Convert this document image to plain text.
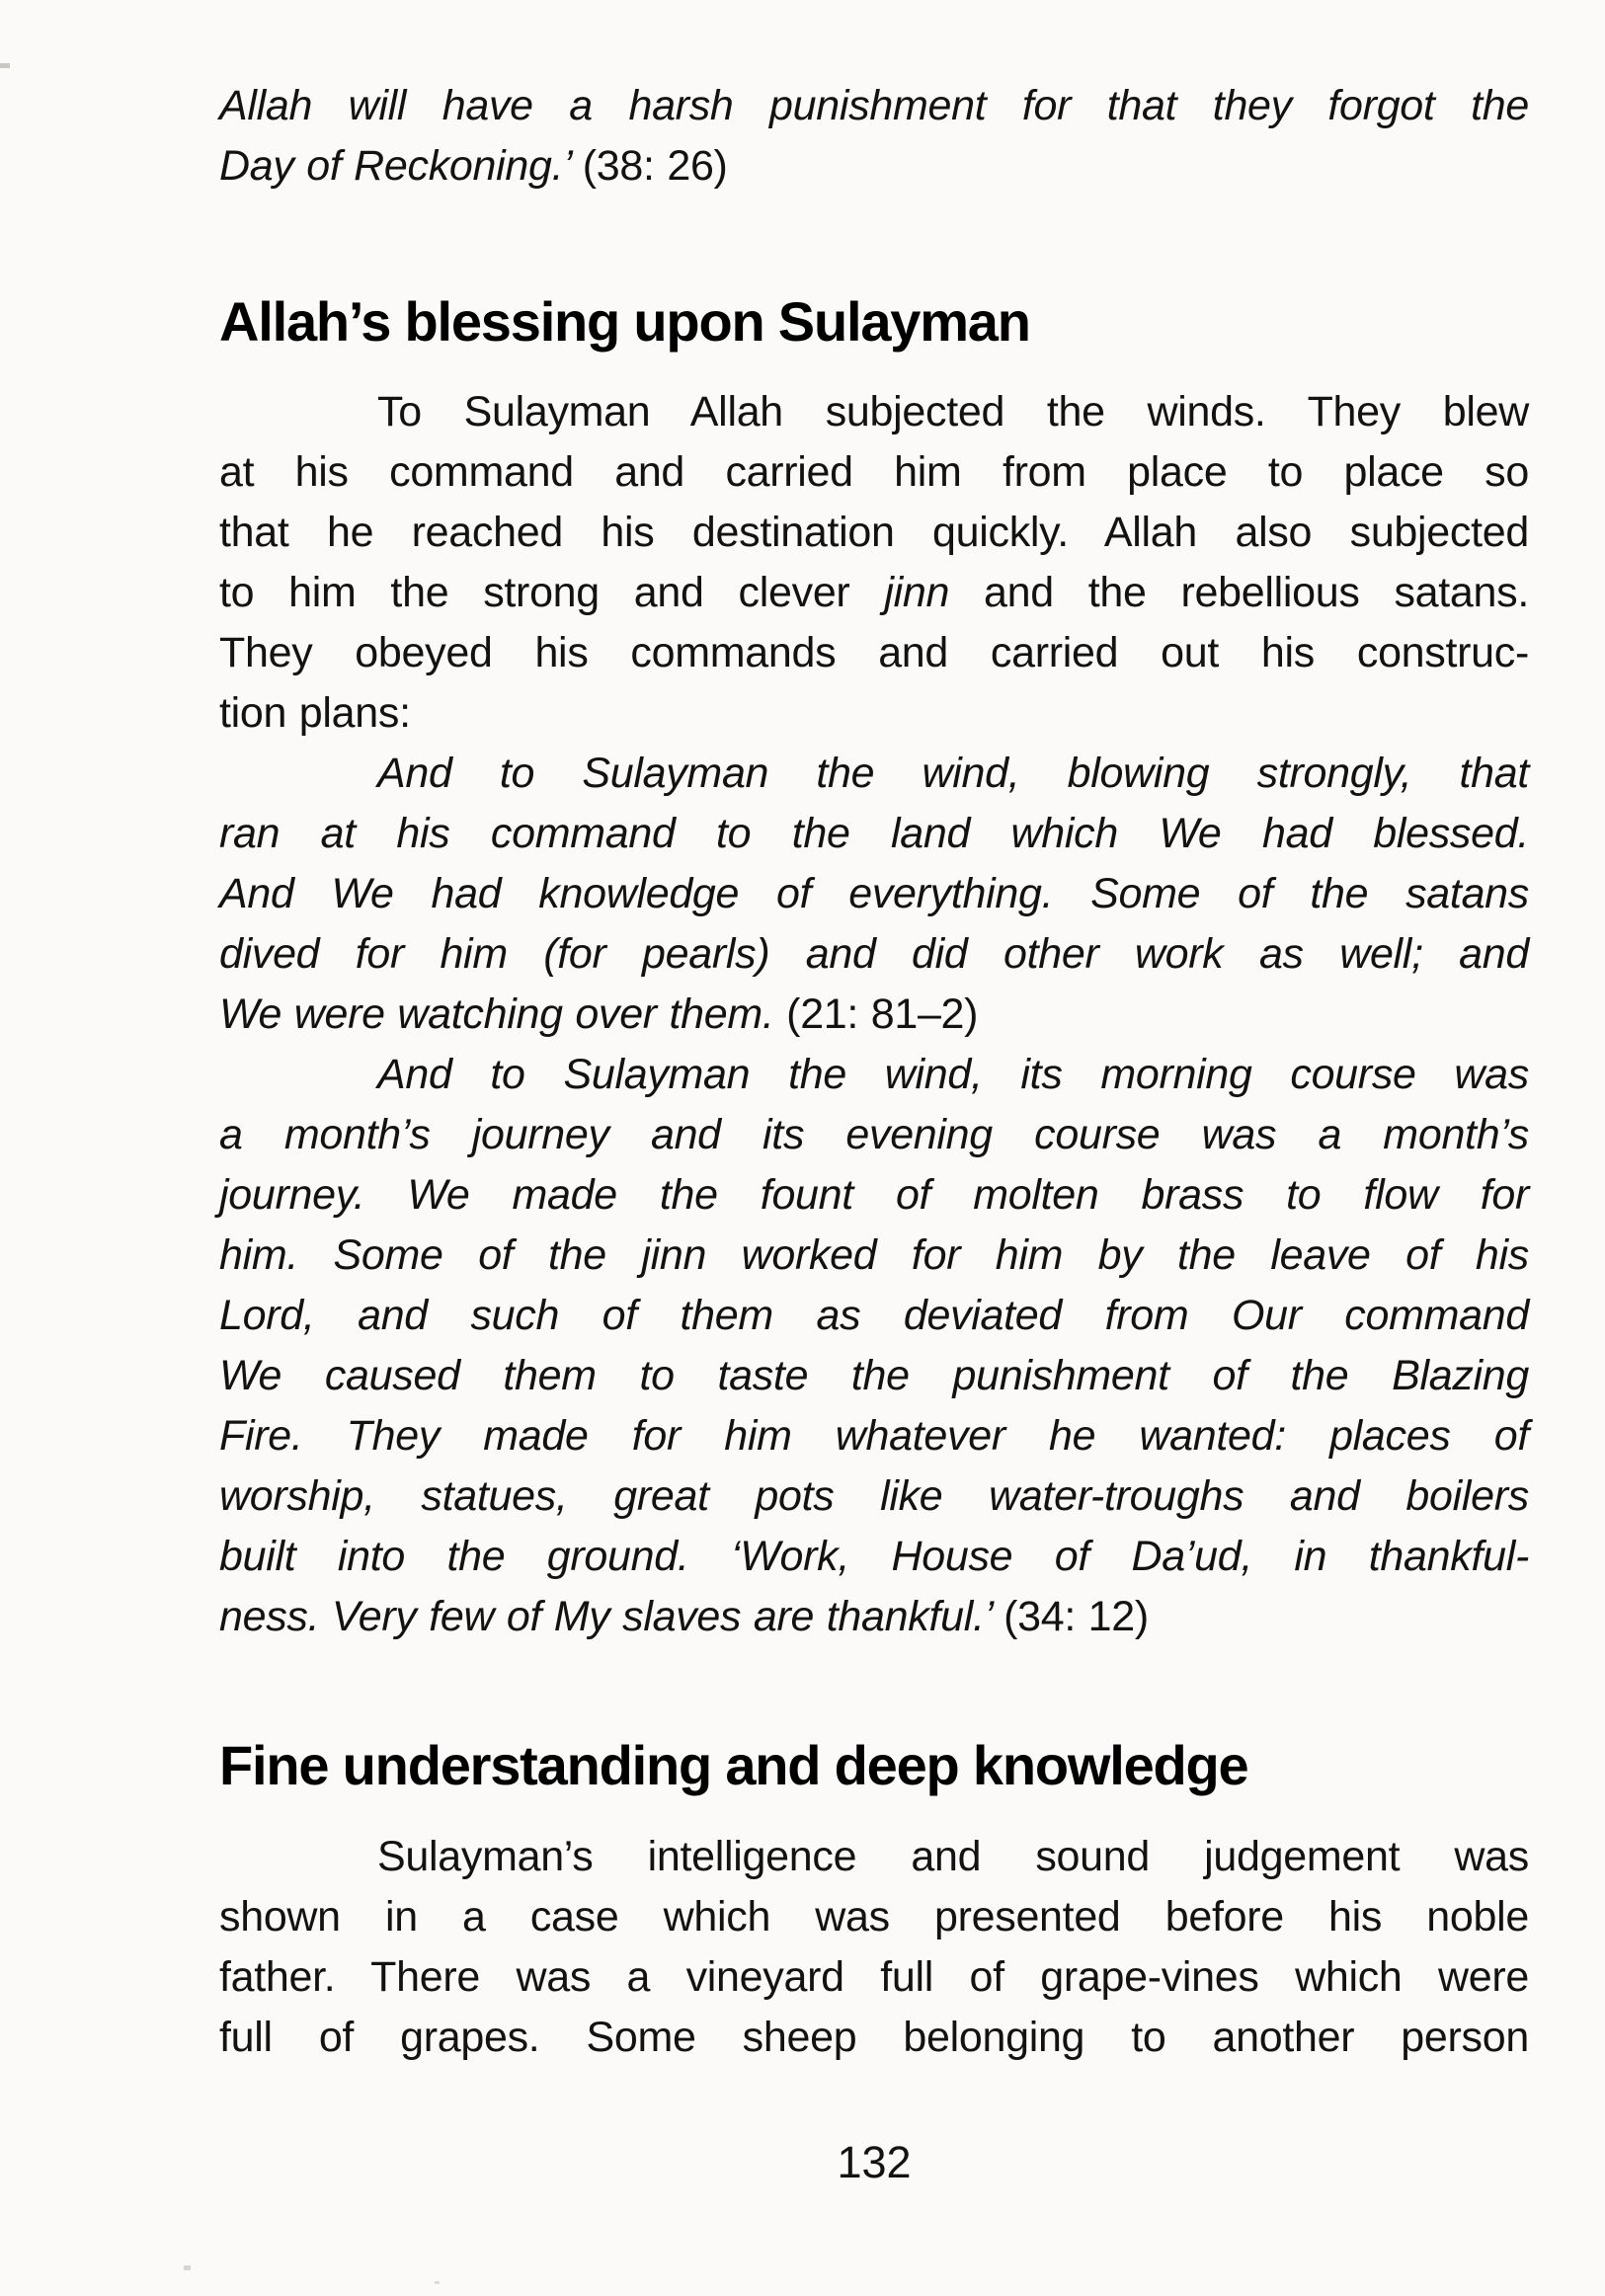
Allah will have a harsh punishment for that they forgot the

Day of Reckoning.’ (38: 26)

Allah’s blessing upon Sulayman

To Sulayman Allah subjected the winds. They blew

at his command and carried him from place to place so

that he reached his destination quickly. Allah also subjected

to him the strong and clever jinn and the rebellious satans.

They obeyed his commands and carried out his construc-

tion plans:

And to Sulayman the wind, blowing strongly, that

ran at his command to the land which We had blessed.

And We had knowledge of everything. Some of the satans

dived for him (for pearls) and did other work as well; and

We were watching over them. (21: 81–2)

And to Sulayman the wind, its morning course was

a month’s journey and its evening course was a month’s

journey. We made the fount of molten brass to flow for

him. Some of the jinn worked for him by the leave of his

Lord, and such of them as deviated from Our command

We caused them to taste the punishment of the Blazing

Fire. They made for him whatever he wanted: places of

worship, statues, great pots like water-troughs and boilers

built into the ground. ‘Work, House of Da’ud, in thankful-

ness. Very few of My slaves are thankful.’ (34: 12)

Fine understanding and deep knowledge

Sulayman’s intelligence and sound judgement was

shown in a case which was presented before his noble

father. There was a vineyard full of grape-vines which were

full of grapes. Some sheep belonging to another person

132
